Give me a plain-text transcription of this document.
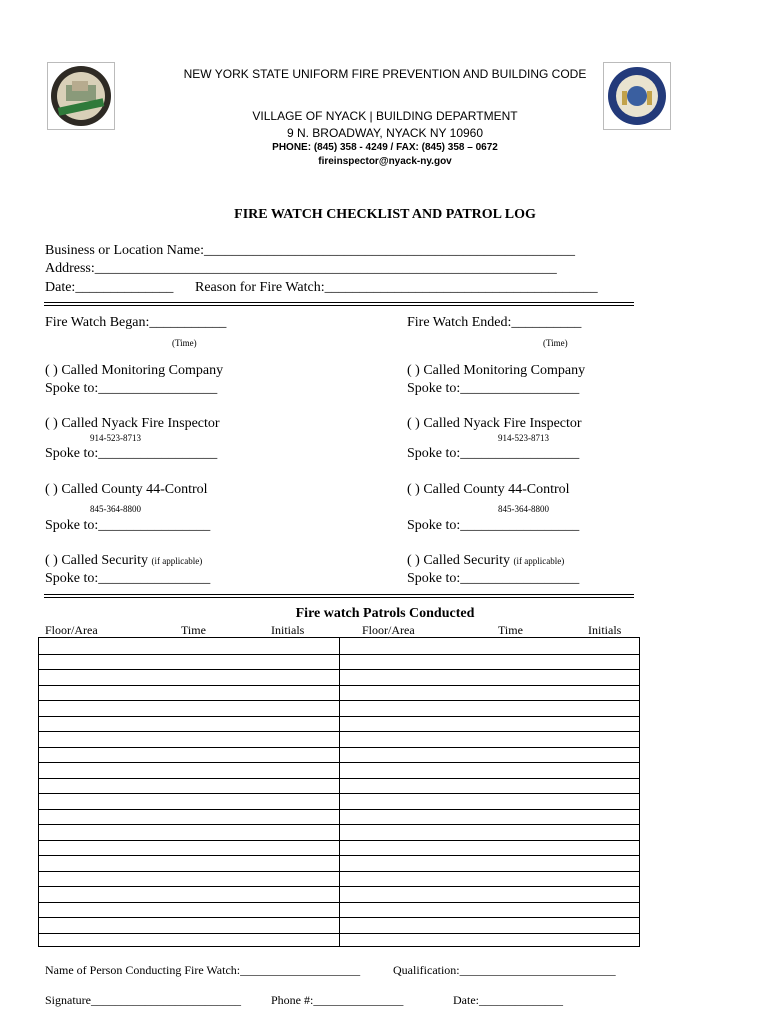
NEW YORK STATE UNIFORM FIRE PREVENTION AND BUILDING CODE
VILLAGE OF NYACK | BUILDING DEPARTMENT
9 N. BROADWAY, NYACK NY 10960
PHONE: (845) 358 - 4249 / FAX: (845) 358 – 0672
fireinspector@nyack-ny.gov
FIRE WATCH CHECKLIST AND PATROL LOG
Business or Location Name:_____________________________________________________
Address:__________________________________________________________________
Date:______________ Reason for Fire Watch:_______________________________________
Fire Watch Began:___________
(Time)
( ) Called Monitoring Company
Spoke to:_________________
( ) Called Nyack Fire Inspector
914-523-8713
Spoke to:_________________
( ) Called County 44-Control
845-364-8800
Spoke to:________________
( ) Called Security (if applicable)
Spoke to:________________
Fire Watch Ended:__________
(Time)
( ) Called Monitoring Company
Spoke to:_________________
( ) Called Nyack Fire Inspector
914-523-8713
Spoke to:_________________
( ) Called County 44-Control
845-364-8800
Spoke to:_________________
( ) Called Security (if applicable)
Spoke to:_________________
Fire watch Patrols Conducted
Floor/Area	Time	Initials	Floor/Area	Time	Initials
Name of Person Conducting Fire Watch:____________________	Qualification:__________________________
Signature_________________________	Phone #:_______________	Date:______________
